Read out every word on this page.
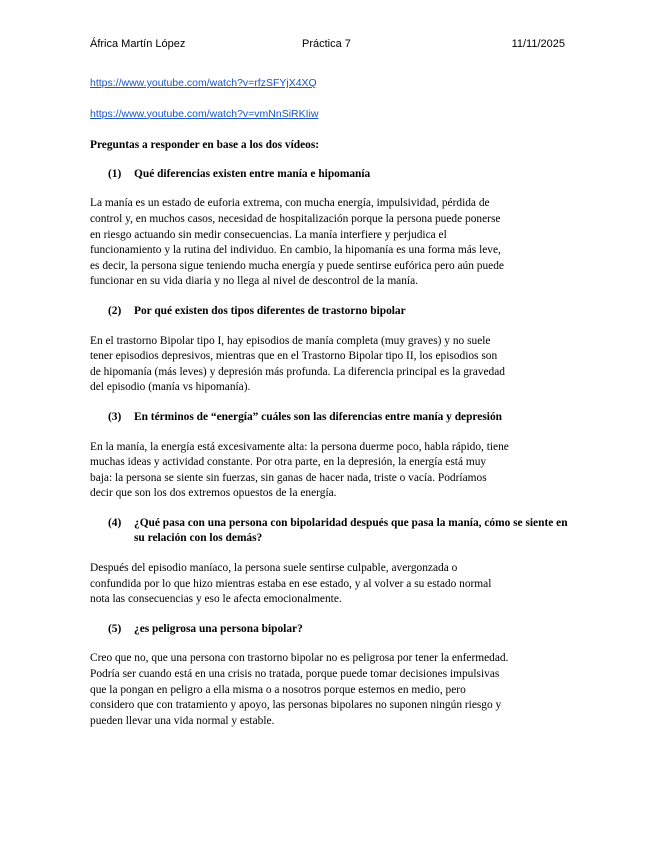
África Martín López	Práctica 7	11/11/2025
https://www.youtube.com/watch?v=rfzSFYjX4XQ
https://www.youtube.com/watch?v=vmNnSiRKIiw
Preguntas a responder en base a los dos vídeos:
(1) Qué diferencias existen entre manía e hipomanía
La manía es un estado de euforia extrema, con mucha energía, impulsividad, pérdida de
control y, en muchos casos, necesidad de hospitalización porque la persona puede ponerse
en riesgo actuando sin medir consecuencias. La manía interfiere y perjudica el
funcionamiento y la rutina del individuo. En cambio, la hipomanía es una forma más leve,
es decir, la persona sigue teniendo mucha energía y puede sentirse eufórica pero aún puede
funcionar en su vida diaria y no llega al nivel de descontrol de la manía.
(2) Por qué existen dos tipos diferentes de trastorno bipolar
En el trastorno Bipolar tipo I, hay episodios de manía completa (muy graves) y no suele
tener episodios depresivos, mientras que en el Trastorno Bipolar tipo II, los episodios son
de hipomanía (más leves) y depresión más profunda. La diferencia principal es la gravedad
del episodio (manía vs hipomanía).
(3) En términos de “energía” cuáles son las diferencias entre manía y depresión
En la manía, la energía está excesivamente alta: la persona duerme poco, habla rápido, tiene
muchas ideas y actividad constante. Por otra parte, en la depresión, la energía está muy
baja: la persona se siente sin fuerzas, sin ganas de hacer nada, triste o vacía. Podríamos
decir que son los dos extremos opuestos de la energía.
(4) ¿Qué pasa con una persona con bipolaridad después que pasa la manía, cómo se siente en su relación con los demás?
Después del episodio maníaco, la persona suele sentirse culpable, avergonzada o
confundida por lo que hizo mientras estaba en ese estado, y al volver a su estado normal
nota las consecuencias y eso le afecta emocionalmente.
(5) ¿es peligrosa una persona bipolar?
Creo que no, que una persona con trastorno bipolar no es peligrosa por tener la enfermedad.
Podría ser cuando está en una crisis no tratada, porque puede tomar decisiones impulsivas
que la pongan en peligro a ella misma o a nosotros porque estemos en medio, pero
considero que con tratamiento y apoyo, las personas bipolares no suponen ningún riesgo y
pueden llevar una vida normal y estable.
